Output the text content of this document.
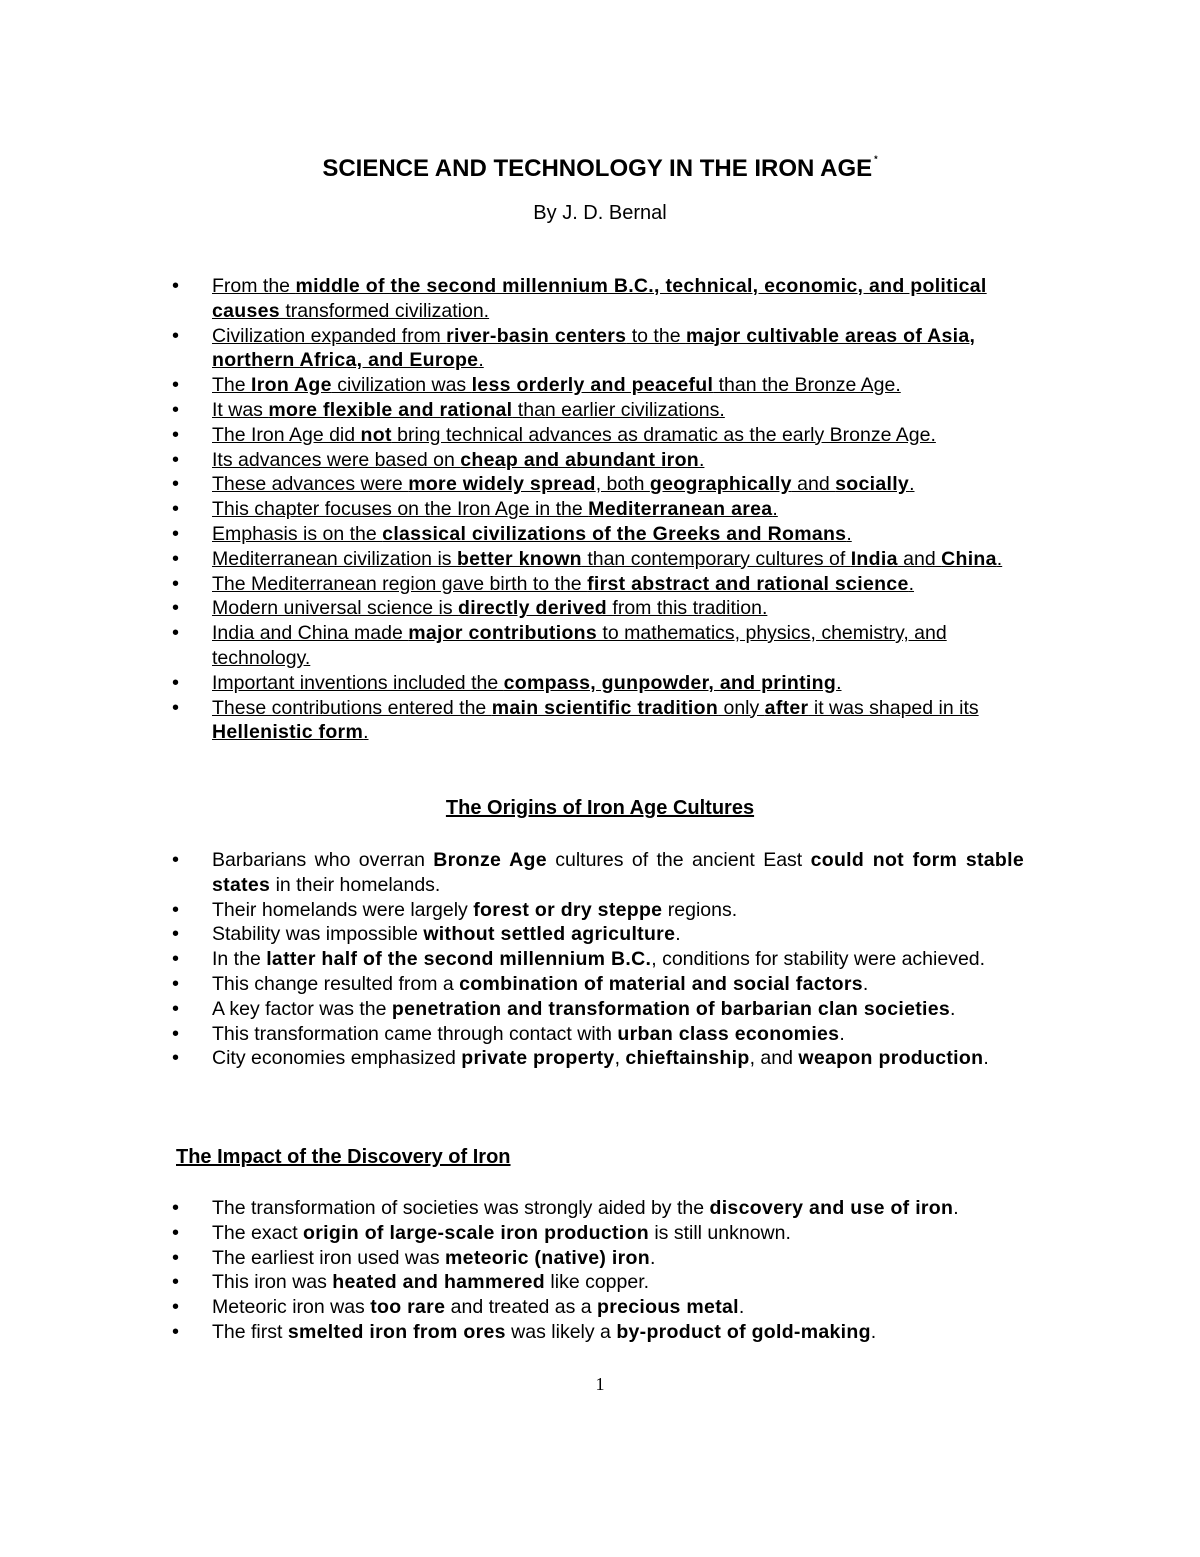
SCIENCE AND TECHNOLOGY IN THE IRON AGE *
By J. D. Bernal
• From the middle of the second millennium B.C., technical, economic, and political causes transformed civilization.
• Civilization expanded from river-basin centers to the major cultivable areas of Asia, northern Africa, and Europe.
• The Iron Age civilization was less orderly and peaceful than the Bronze Age.
• It was more flexible and rational than earlier civilizations.
• The Iron Age did not bring technical advances as dramatic as the early Bronze Age.
• Its advances were based on cheap and abundant iron.
• These advances were more widely spread, both geographically and socially.
• This chapter focuses on the Iron Age in the Mediterranean area.
• Emphasis is on the classical civilizations of the Greeks and Romans.
• Mediterranean civilization is better known than contemporary cultures of India and China.
• The Mediterranean region gave birth to the first abstract and rational science.
• Modern universal science is directly derived from this tradition.
• India and China made major contributions to mathematics, physics, chemistry, and technology.
• Important inventions included the compass, gunpowder, and printing.
• These contributions entered the main scientific tradition only after it was shaped in its Hellenistic form.
The Origins of Iron Age Cultures
• Barbarians who overran Bronze Age cultures of the ancient East could not form stable states in their homelands.
• Their homelands were largely forest or dry steppe regions.
• Stability was impossible without settled agriculture.
• In the latter half of the second millennium B.C., conditions for stability were achieved.
• This change resulted from a combination of material and social factors.
• A key factor was the penetration and transformation of barbarian clan societies.
• This transformation came through contact with urban class economies.
• City economies emphasized private property, chieftainship, and weapon production.
The Impact of the Discovery of Iron
• The transformation of societies was strongly aided by the discovery and use of iron.
• The exact origin of large-scale iron production is still unknown.
• The earliest iron used was meteoric (native) iron.
• This iron was heated and hammered like copper.
• Meteoric iron was too rare and treated as a precious metal.
• The first smelted iron from ores was likely a by-product of gold-making.
1
